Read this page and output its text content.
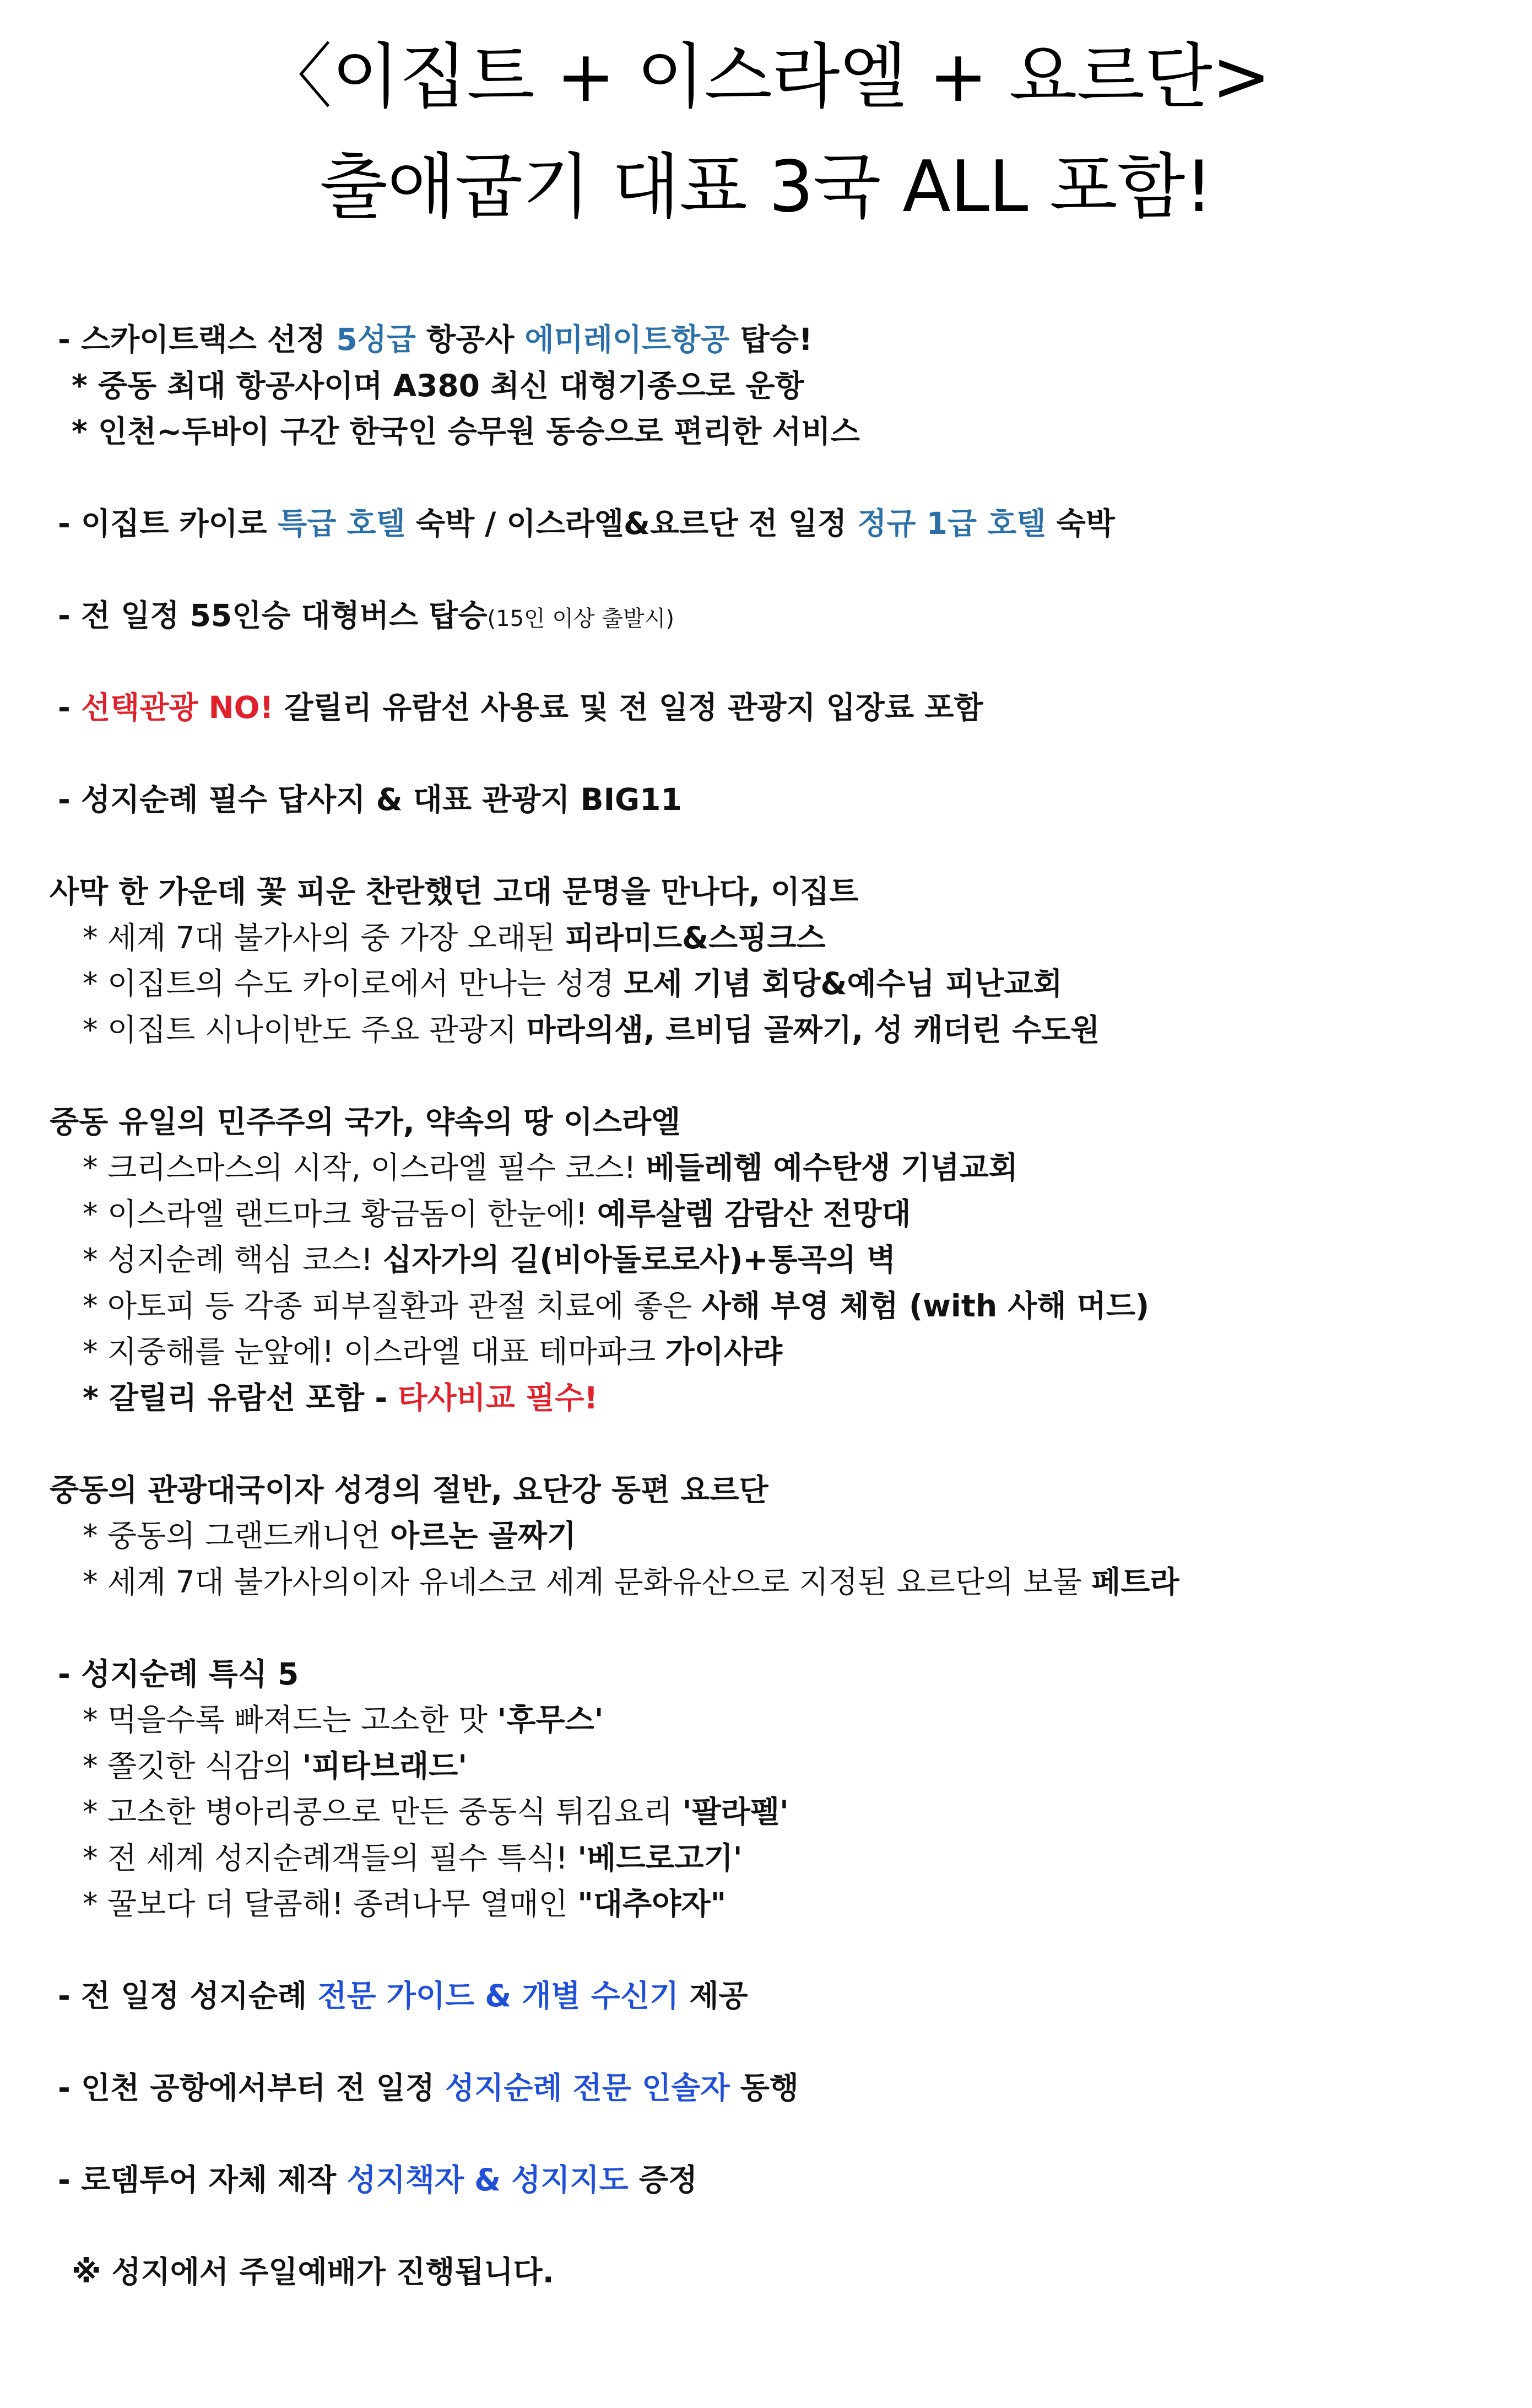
〈이집트 + 이스라엘 + 요르단>
출애굽기 대표 3국 ALL 포함!
- 스카이트랙스 선정 5성급 항공사 에미레이트항공 탑승!
* 중동 최대 항공사이며 A380 최신 대형기종으로 운항
* 인천~두바이 구간 한국인 승무원 동승으로 편리한 서비스
- 이집트 카이로 특급 호텔 숙박 / 이스라엘&요르단 전 일정 정규 1급 호텔 숙박
- 전 일정 55인승 대형버스 탑승(15인 이상 출발시)
- 선택관광 NO! 갈릴리 유람선 사용료 및 전 일정 관광지 입장료 포함
- 성지순례 필수 답사지 & 대표 관광지 BIG11
사막 한 가운데 꽃 피운 찬란했던 고대 문명을 만나다, 이집트
* 세계 7대 불가사의 중 가장 오래된 피라미드&스핑크스
* 이집트의 수도 카이로에서 만나는 성경 모세 기념 회당&예수님 피난교회
* 이집트 시나이반도 주요 관광지 마라의샘, 르비딤 골짜기, 성 캐더린 수도원
중동 유일의 민주주의 국가, 약속의 땅 이스라엘
* 크리스마스의 시작, 이스라엘 필수 코스! 베들레헴 예수탄생 기념교회
* 이스라엘 랜드마크 황금돔이 한눈에! 예루살렘 감람산 전망대
* 성지순례 핵심 코스! 십자가의 길(비아돌로로사)+통곡의 벽
* 아토피 등 각종 피부질환과 관절 치료에 좋은 사해 부영 체험 (with 사해 머드)
* 지중해를 눈앞에! 이스라엘 대표 테마파크 가이사랴
* 갈릴리 유람선 포함 - 타사비교 필수!
중동의 관광대국이자 성경의 절반, 요단강 동편 요르단
* 중동의 그랜드캐니언 아르논 골짜기
* 세계 7대 불가사의이자 유네스코 세계 문화유산으로 지정된 요르단의 보물 페트라
- 성지순례 특식 5
* 먹을수록 빠져드는 고소한 맛 '후무스'
* 쫄깃한 식감의 '피타브래드'
* 고소한 병아리콩으로 만든 중동식 튀김요리 '팔라펠'
* 전 세계 성지순례객들의 필수 특식! '베드로고기'
* 꿀보다 더 달콤해! 종려나무 열매인 "대추야자"
- 전 일정 성지순례 전문 가이드 & 개별 수신기 제공
- 인천 공항에서부터 전 일정 성지순례 전문 인솔자 동행
- 로뎀투어 자체 제작 성지책자 & 성지지도 증정
※ 성지에서 주일예배가 진행됩니다.
